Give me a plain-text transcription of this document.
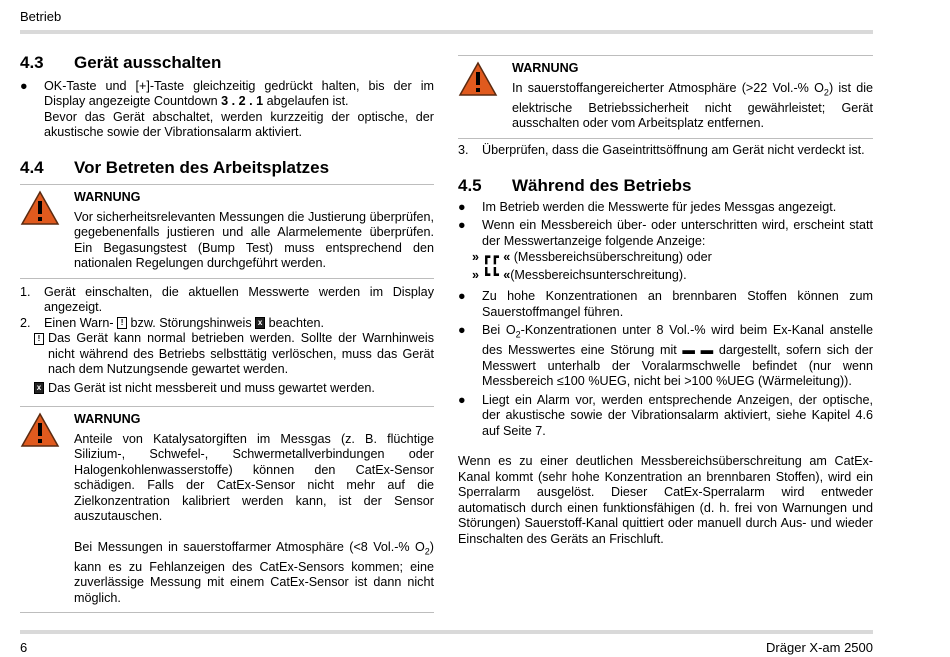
Betrieb
4.3	Gerät ausschalten
●	OK-Taste und [+]-Taste gleichzeitig gedrückt halten, bis der im Display angezeigte Countdown 3 . 2 . 1 abgelaufen ist.
Bevor das Gerät abschaltet, werden kurzzeitig der optische, der akustische sowie der Vibrationsalarm aktiviert.
4.4	Vor Betreten des Arbeitsplatzes
WARNUNG

Vor sicherheitsrelevanten Messungen die Justierung überprüfen, gegebenenfalls justieren und alle Alarmelemente überprüfen. Ein Begasungstest (Bump Test) muss entsprechend den nationalen Regelungen durchgeführt werden.

1.	Gerät einschalten, die aktuellen Messwerte werden im Display angezeigt.
2.	Einen Warn- ! bzw. Störungshinweis x beachten.
! Das Gerät kann normal betrieben werden. Sollte der Warnhinweis nicht während des Betriebs selbsttätig verlöschen, muss das Gerät nach dem Nutzungsende gewartet werden.
x Das Gerät ist nicht messbereit und muss gewartet werden.
WARNUNG

Anteile von Katalysatorgiften im Messgas (z. B. flüchtige Silizium-, Schwefel-, Schwermetallverbindungen oder Halogenkohlenwasserstoffe) können den CatEx-Sensor schädigen. Falls der CatEx-Sensor nicht mehr auf die Zielkonzentration kalibriert werden kann, ist der Sensor auszutauschen.

Bei Messungen in sauerstoffarmer Atmosphäre (<8 Vol.-% $O_2$) kann es zu Fehlanzeigen des CatEx-Sensors kommen; eine zuverlässige Messung mit einem CatEx-Sensor ist dann nicht möglich.

WARNUNG

In sauerstoffangereicherter Atmosphäre (>22 Vol.-% $O_2$) ist die elektrische Betriebssicherheit nicht gewährleistet; Gerät ausschalten oder vom Arbeitsplatz entfernen.

3.	Überprüfen, dass die Gaseintrittsöffnung am Gerät nicht verdeckt ist.
4.5	Während des Betriebs
●	Im Betrieb werden die Messwerte für jedes Messgas angezeigt.
●	Wenn ein Messbereich über- oder unterschritten wird, erscheint statt der Messwertanzeige folgende Anzeige:
» ┏┏ « (Messbereichsüberschreitung) oder
» ┗┗ «(Messbereichsunterschreitung).
●	Zu hohe Konzentrationen an brennbaren Stoffen können zum Sauerstoffmangel führen.
●	Bei $O_2$-Konzentrationen unter 8 Vol.-% wird beim Ex-Kanal anstelle des Messwertes eine Störung mit ▬ ▬ dargestellt, sofern sich der Messwert unterhalb der Voralarmschwelle befindet (nur wenn Messbereich ≤100 %UEG, nicht bei >100 %UEG (Wärmeleitung)).
●	Liegt ein Alarm vor, werden entsprechende Anzeigen, der optische, der akustische sowie der Vibrationsalarm aktiviert, siehe Kapitel 4.6 auf Seite 7.

Wenn es zu einer deutlichen Messbereichsüberschreitung am CatEx-Kanal kommt (sehr hohe Konzentration an brennbaren Stoffen), wird ein Sperralarm ausgelöst. Dieser CatEx-Sperralarm wird entweder automatisch durch einen funktionsfähigen (d. h. frei von Warnungen und Störungen) Sauerstoff-Kanal quittiert oder manuell durch Aus- und wieder Einschalten des Geräts an Frischluft.

6	Dräger X-am 2500
